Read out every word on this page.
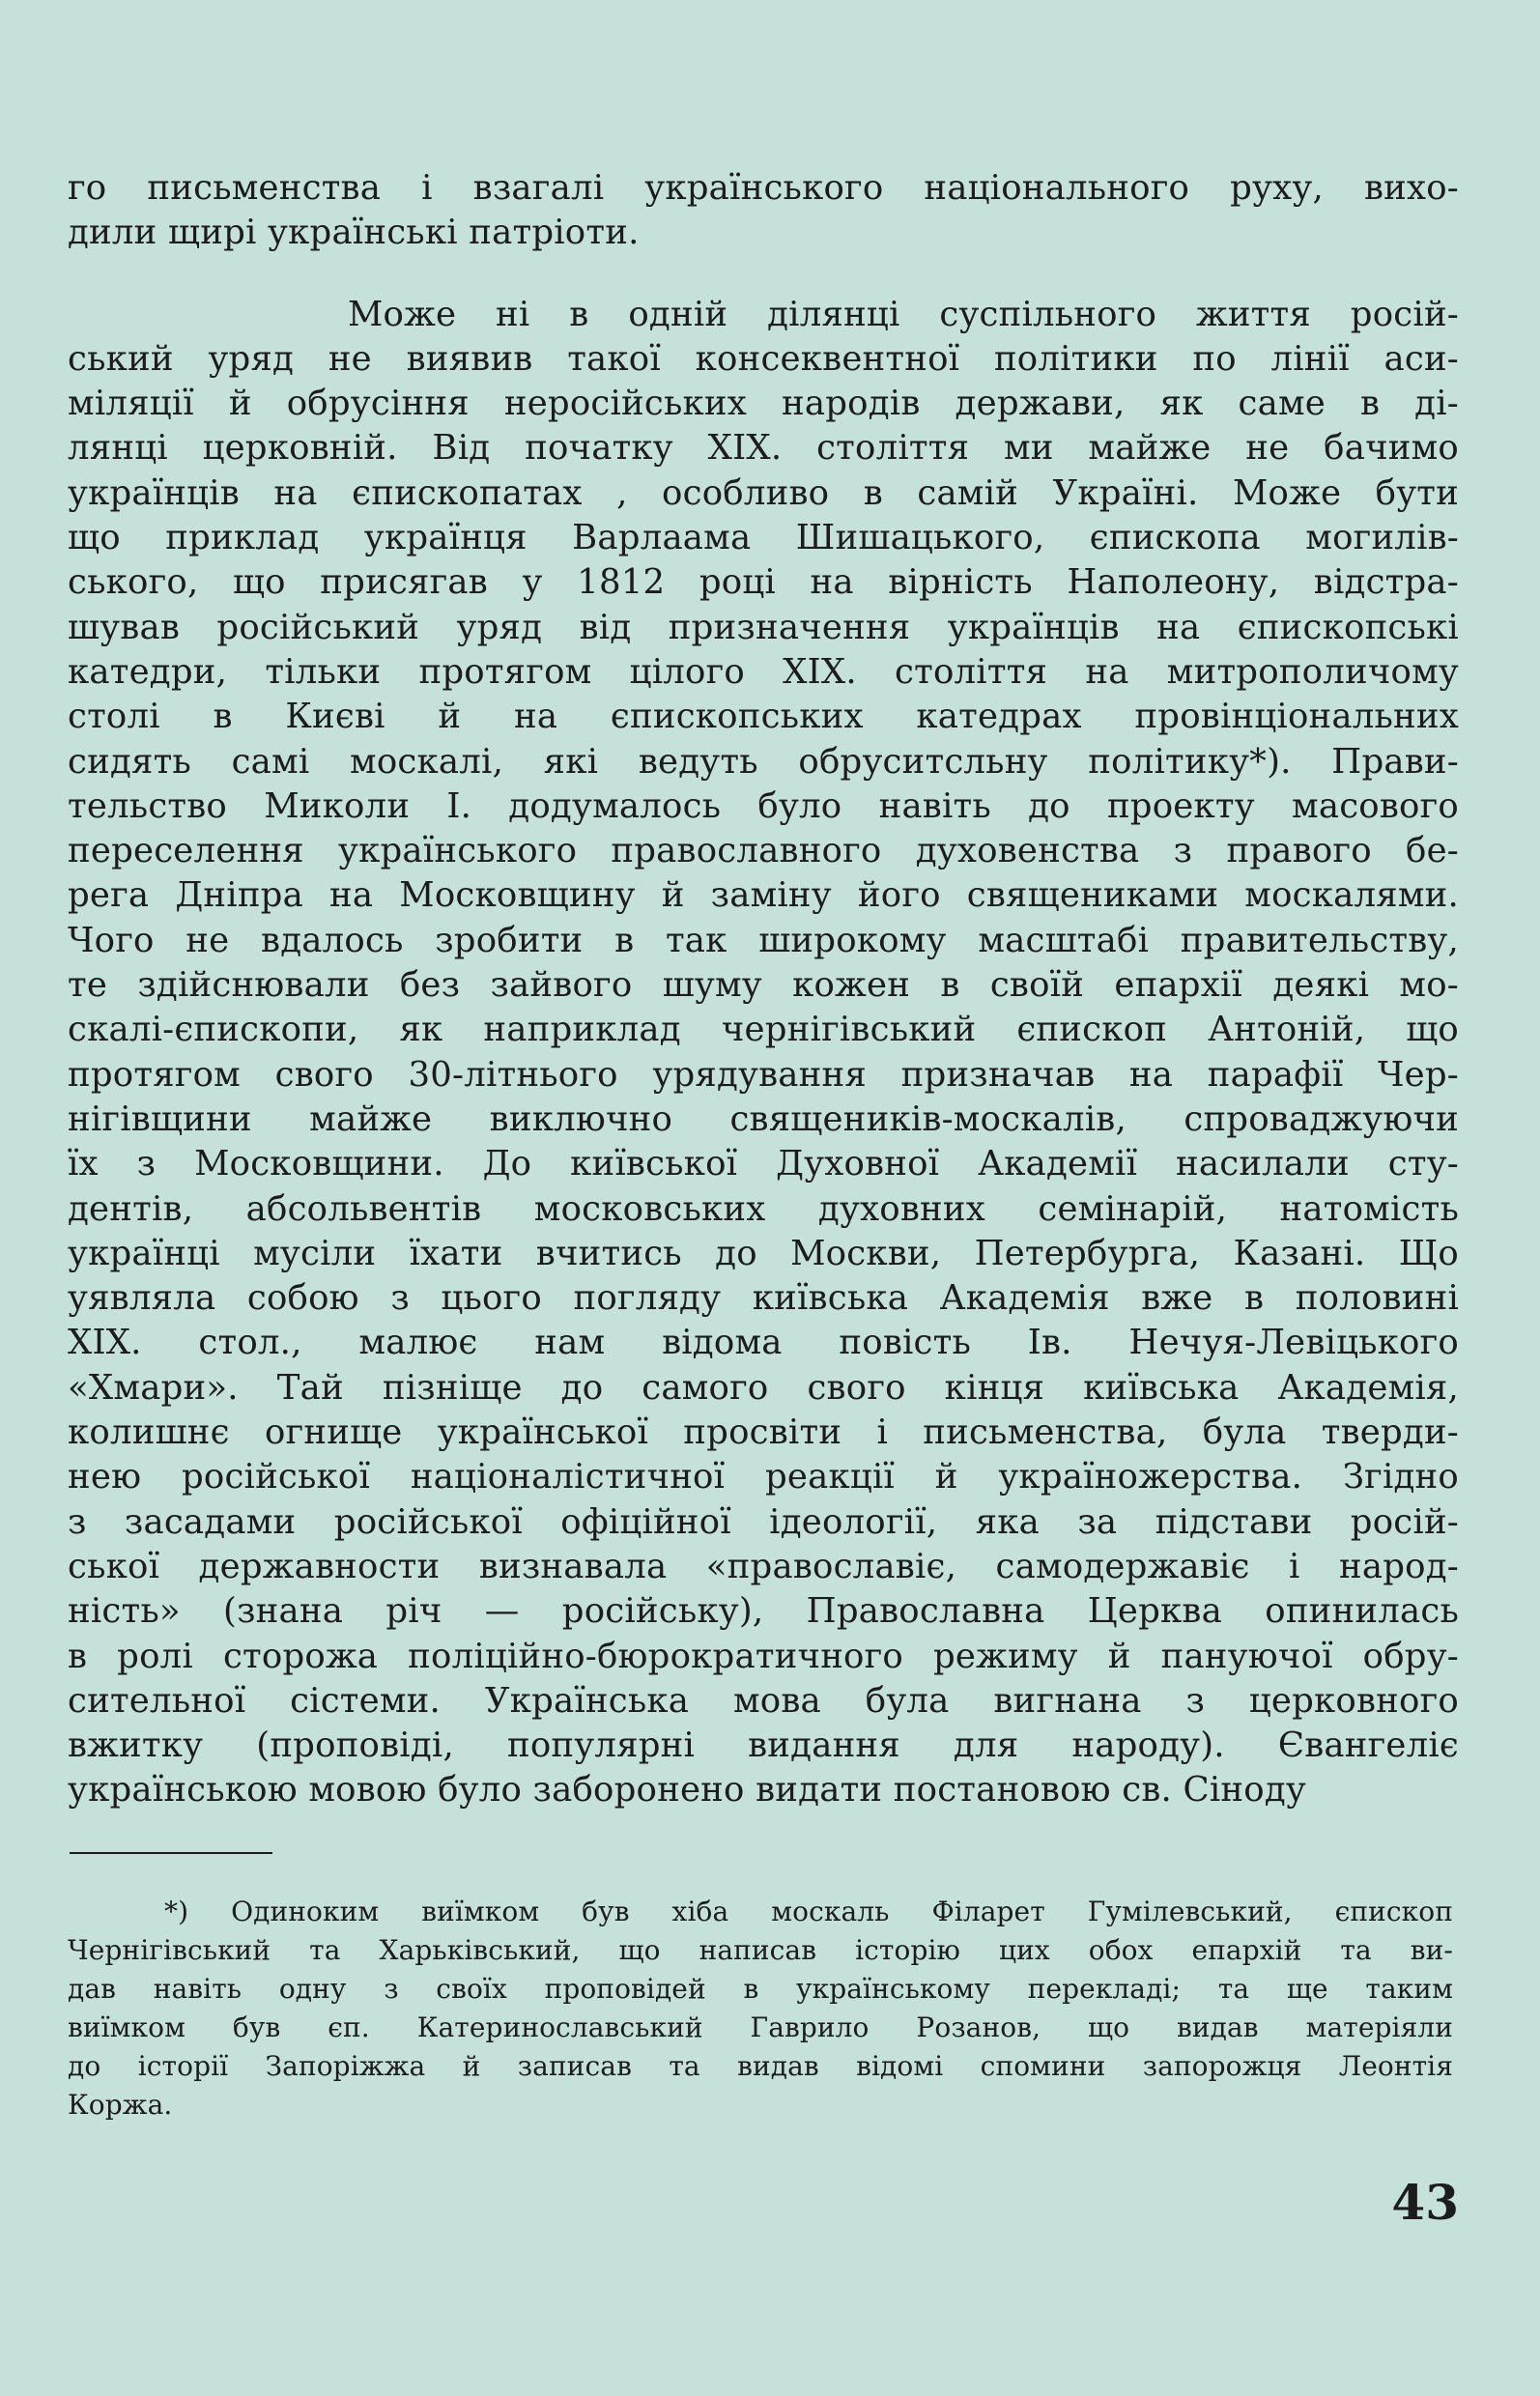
го письменства і взагалі українського національного руху, вихо-
дили щирі українські патріоти.
Може ні в одній ділянці суспільного життя росій-
ський уряд не виявив такої консеквентної політики по лінії аси-
міляції й обрусіння неросійських народів держави, як саме в ді-
лянці церковній. Від початку XIX. століття ми майже не бачимо
українців на єпископатах , особливо в самій Україні. Може бути
що приклад українця Варлаама Шишацького, єпископа могилів-
ського, що присягав у 1812 році на вірність Наполеону, відстра-
шував російський уряд від призначення українців на єпископські
катедри, тільки протягом цілого XIX. століття на митрополичому
столі в Києві й на єпископських катедрах провінціональних
сидять самі москалі, які ведуть обруситсльну політику*). Прави-
тельство Миколи I. додумалось було навіть до проекту масового
переселення українського православного духовенства з правого бе-
рега Дніпра на Московщину й заміну його священиками москалями.
Чого не вдалось зробити в так широкому масштабі правительству,
те здійснювали без зайвого шуму кожен в своїй епархії деякі мо-
скалі-єпископи, як наприклад чернігівський єпископ Антоній, що
протягом свого 30-літнього урядування призначав на парафії Чер-
нігівщини майже виключно священиків-москалів, спроваджуючи
їх з Московщини. До київської Духовної Академії насилали сту-
дентів, абсольвентів московських духовних семінарій, натомість
українці мусіли їхати вчитись до Москви, Петербурга, Казані. Що
уявляла собою з цього погляду київська Академія вже в половині
XIX. стол., малює нам відома повість Ів. Нечуя-Левіцького
«Хмари». Тай пізніще до самого свого кінця київська Академія,
колишнє огнище української просвіти і письменства, була тверди-
нею російської націоналістичної реакції й україножерства. Згідно
з засадами російської офіційної ідеології, яка за підстави росій-
ської державности визнавала «православіє, самодержавіє і народ-
ність» (знана річ — російську), Православна Церква опинилась
в ролі сторожа поліційно-бюрократичного режиму й пануючої обру-
сительної сістеми. Українська мова була вигнана з церковного
вжитку (проповіді, популярні видання для народу). Євангеліє
українською мовою було заборонено видати постановою св. Сіноду
*) Одиноким виїмком був хіба москаль Філарет Гумілевський, єпископ
Чернігівський та Харьківський, що написав історію цих обох епархій та ви-
дав навіть одну з своїх проповідей в українському перекладі; та ще таким
виїмком був єп. Катеринославський Гаврило Розанов, що видав матеріяли
до історії Запоріжжа й записав та видав відомі спомини запорожця Леонтія
Коржа.
43
